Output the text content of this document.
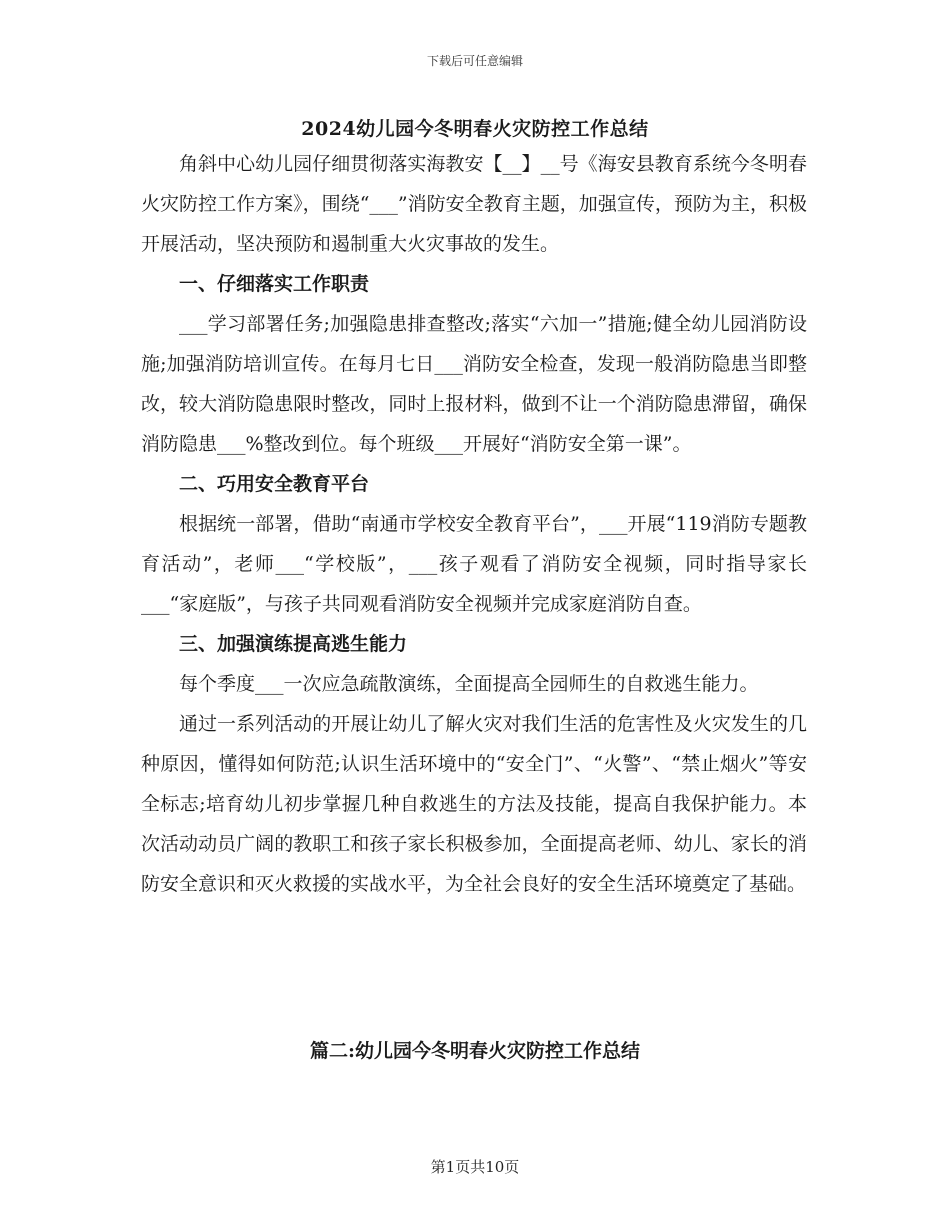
下载后可任意编辑
2024幼儿园今冬明春火灾防控工作总结

角斜中心幼儿园仔细贯彻落实海教安【__】__号《海安县教育系统今冬明春火灾防控工作方案》，围绕“___”消防安全教育主题，加强宣传，预防为主，积极开展活动，坚决预防和遏制重大火灾事故的发生。

一、仔细落实工作职责

___学习部署任务;加强隐患排查整改;落实“六加一”措施;健全幼儿园消防设施;加强消防培训宣传。在每月七日___消防安全检查，发现一般消防隐患当即整改，较大消防隐患限时整改，同时上报材料，做到不让一个消防隐患滞留，确保消防隐患___%整改到位。每个班级___开展好“消防安全第一课”。

二、巧用安全教育平台

根据统一部署，借助“南通市学校安全教育平台”，___开展“119消防专题教育活动”，老师___“学校版”，___孩子观看了消防安全视频，同时指导家长___“家庭版”，与孩子共同观看消防安全视频并完成家庭消防自查。

三、加强演练提高逃生能力

每个季度___一次应急疏散演练，全面提高全园师生的自救逃生能力。

通过一系列活动的开展让幼儿了解火灾对我们生活的危害性及火灾发生的几种原因，懂得如何防范;认识生活环境中的“安全门”、“火警”、“禁止烟火”等安全标志;培育幼儿初步掌握几种自救逃生的方法及技能，提高自我保护能力。本次活动动员广阔的教职工和孩子家长积极参加，全面提高老师、幼儿、家长的消防安全意识和灭火救援的实战水平，为全社会良好的安全生活环境奠定了基础。

篇二:幼儿园今冬明春火灾防控工作总结
第1页共10页
